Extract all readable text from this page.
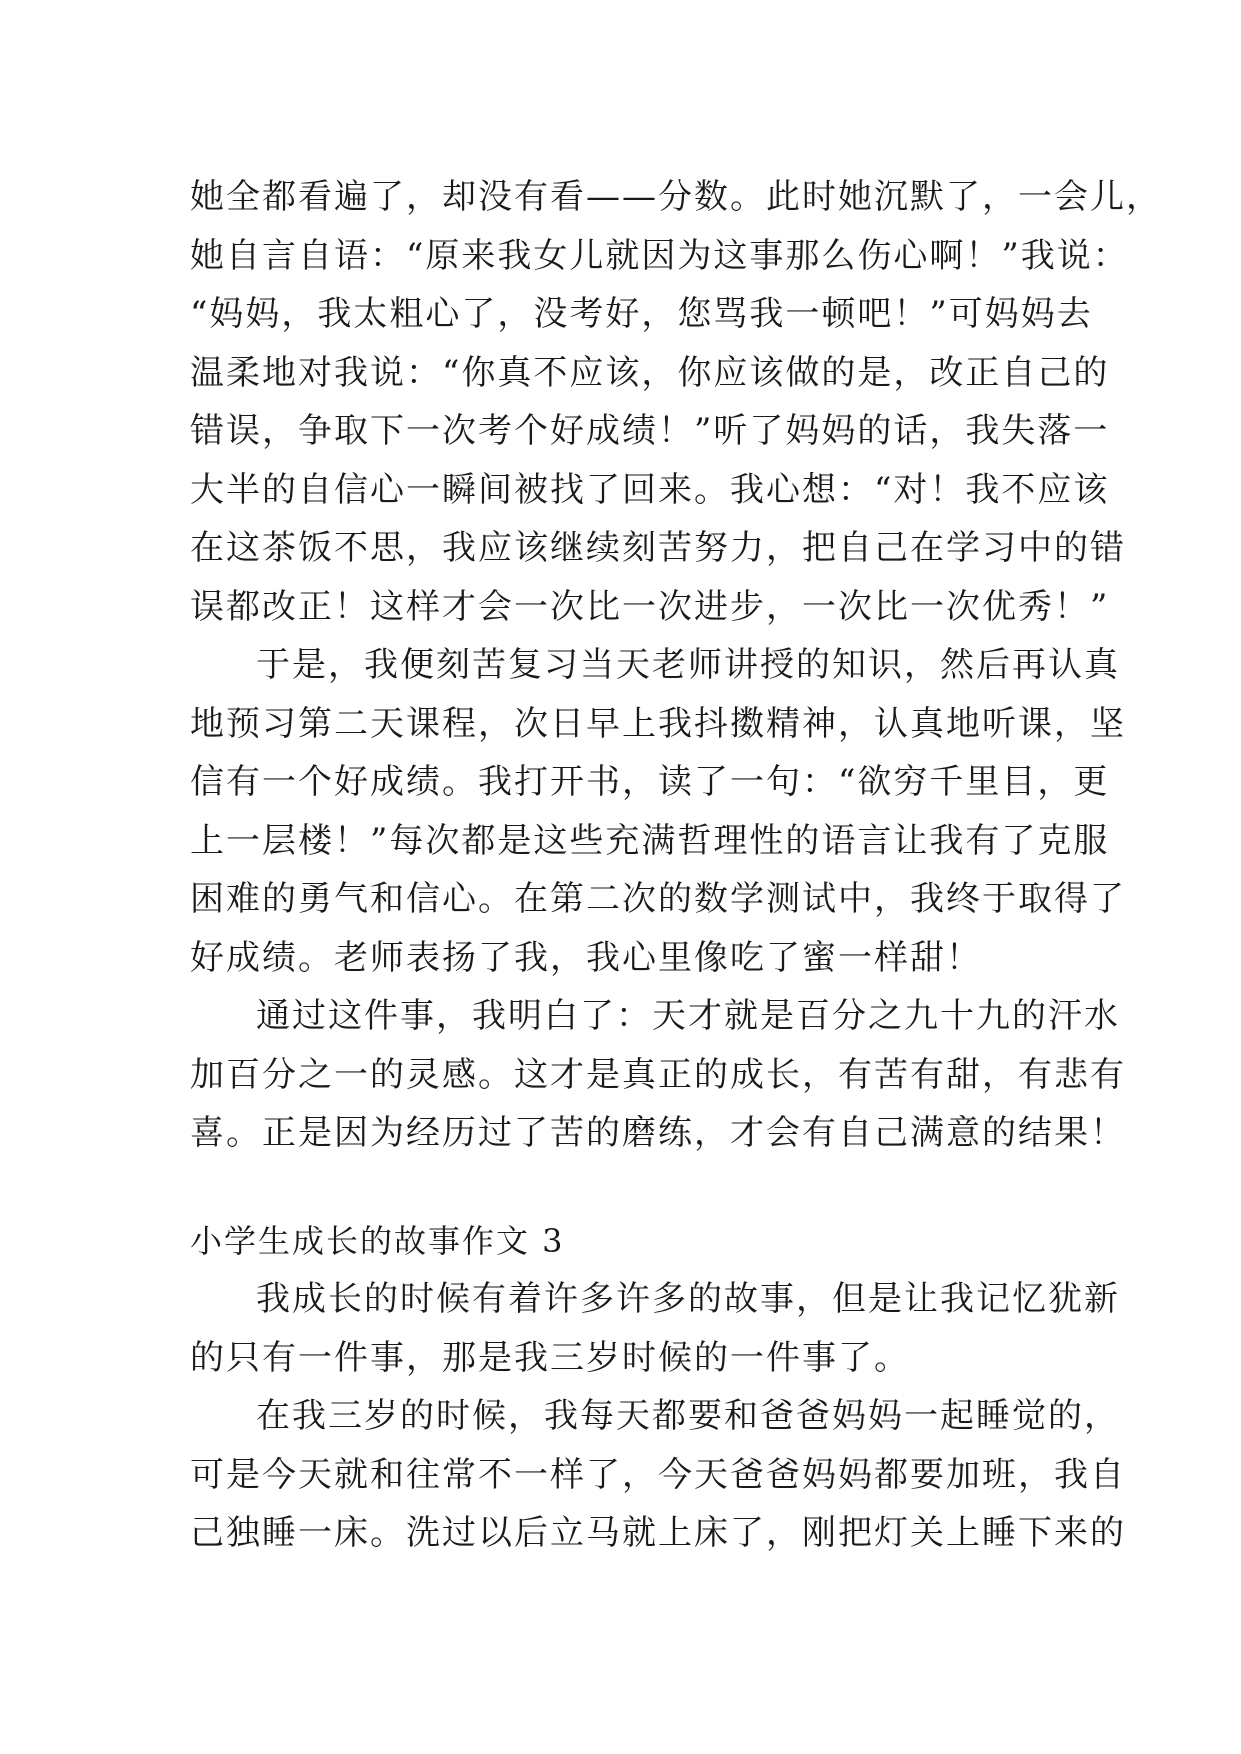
她全都看遍了，却没有看——分数。此时她沉默了，一会儿，
她自言自语：“原来我女儿就因为这事那么伤心啊！”我说：
“妈妈，我太粗心了，没考好，您骂我一顿吧！”可妈妈去
温柔地对我说：“你真不应该，你应该做的是，改正自己的
错误，争取下一次考个好成绩！”听了妈妈的话，我失落一
大半的自信心一瞬间被找了回来。我心想：“对！我不应该
在这茶饭不思，我应该继续刻苦努力，把自己在学习中的错
误都改正！这样才会一次比一次进步，一次比一次优秀！”
于是，我便刻苦复习当天老师讲授的知识，然后再认真
地预习第二天课程，次日早上我抖擞精神，认真地听课，坚
信有一个好成绩。我打开书，读了一句：“欲穷千里目，更
上一层楼！”每次都是这些充满哲理性的语言让我有了克服
困难的勇气和信心。在第二次的数学测试中，我终于取得了
好成绩。老师表扬了我，我心里像吃了蜜一样甜！
通过这件事，我明白了：天才就是百分之九十九的汗水
加百分之一的灵感。这才是真正的成长，有苦有甜，有悲有
喜。正是因为经历过了苦的磨练，才会有自己满意的结果！
小学生成长的故事作文 3
我成长的时候有着许多许多的故事，但是让我记忆犹新
的只有一件事，那是我三岁时候的一件事了。
在我三岁的时候，我每天都要和爸爸妈妈一起睡觉的，
可是今天就和往常不一样了，今天爸爸妈妈都要加班，我自
己独睡一床。洗过以后立马就上床了，刚把灯关上睡下来的
